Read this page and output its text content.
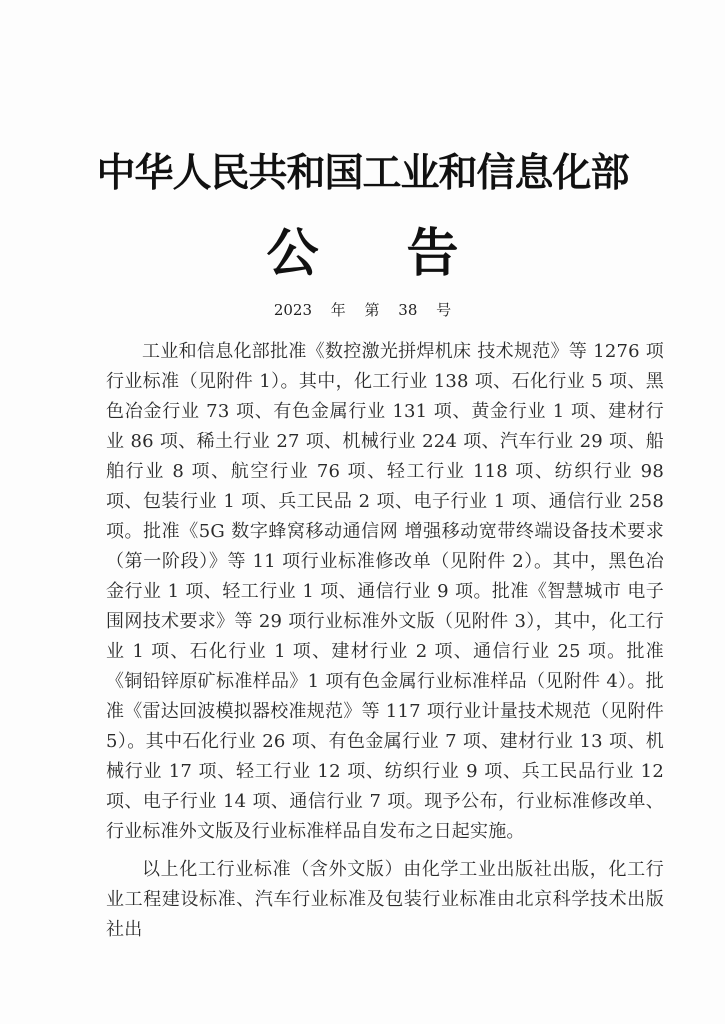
中华人民共和国工业和信息化部
公告
2023 年 第 38 号

工业和信息化部批准《数控激光拼焊机床 技术规范》等 1276 项行业标准（见附件 1）。其中，化工行业 138 项、石化行业 5 项、黑色冶金行业 73 项、有色金属行业 131 项、黄金行业 1 项、建材行业 86 项、稀土行业 27 项、机械行业 224 项、汽车行业 29 项、船舶行业 8 项、航空行业 76 项、轻工行业 118 项、纺织行业 98 项、包装行业 1 项、兵工民品 2 项、电子行业 1 项、通信行业 258 项。批准《5G 数字蜂窝移动通信网 增强移动宽带终端设备技术要求（第一阶段）》等 11 项行业标准修改单（见附件 2）。其中，黑色冶金行业 1 项、轻工行业 1 项、通信行业 9 项。批准《智慧城市 电子围网技术要求》等 29 项行业标准外文版（见附件 3），其中，化工行业 1 项、石化行业 1 项、建材行业 2 项、通信行业 25 项。批准《铜铅锌原矿标准样品》1 项有色金属行业标准样品（见附件 4）。批准《雷达回波模拟器校准规范》等 117 项行业计量技术规范（见附件 5）。其中石化行业 26 项、有色金属行业 7 项、建材行业 13 项、机械行业 17 项、轻工行业 12 项、纺织行业 9 项、兵工民品行业 12 项、电子行业 14 项、通信行业 7 项。现予公布，行业标准修改单、行业标准外文版及行业标准样品自发布之日起实施。

以上化工行业标准（含外文版）由化学工业出版社出版，化工行业工程建设标准、汽车行业标准及包装行业标准由北京科学技术出版社出
